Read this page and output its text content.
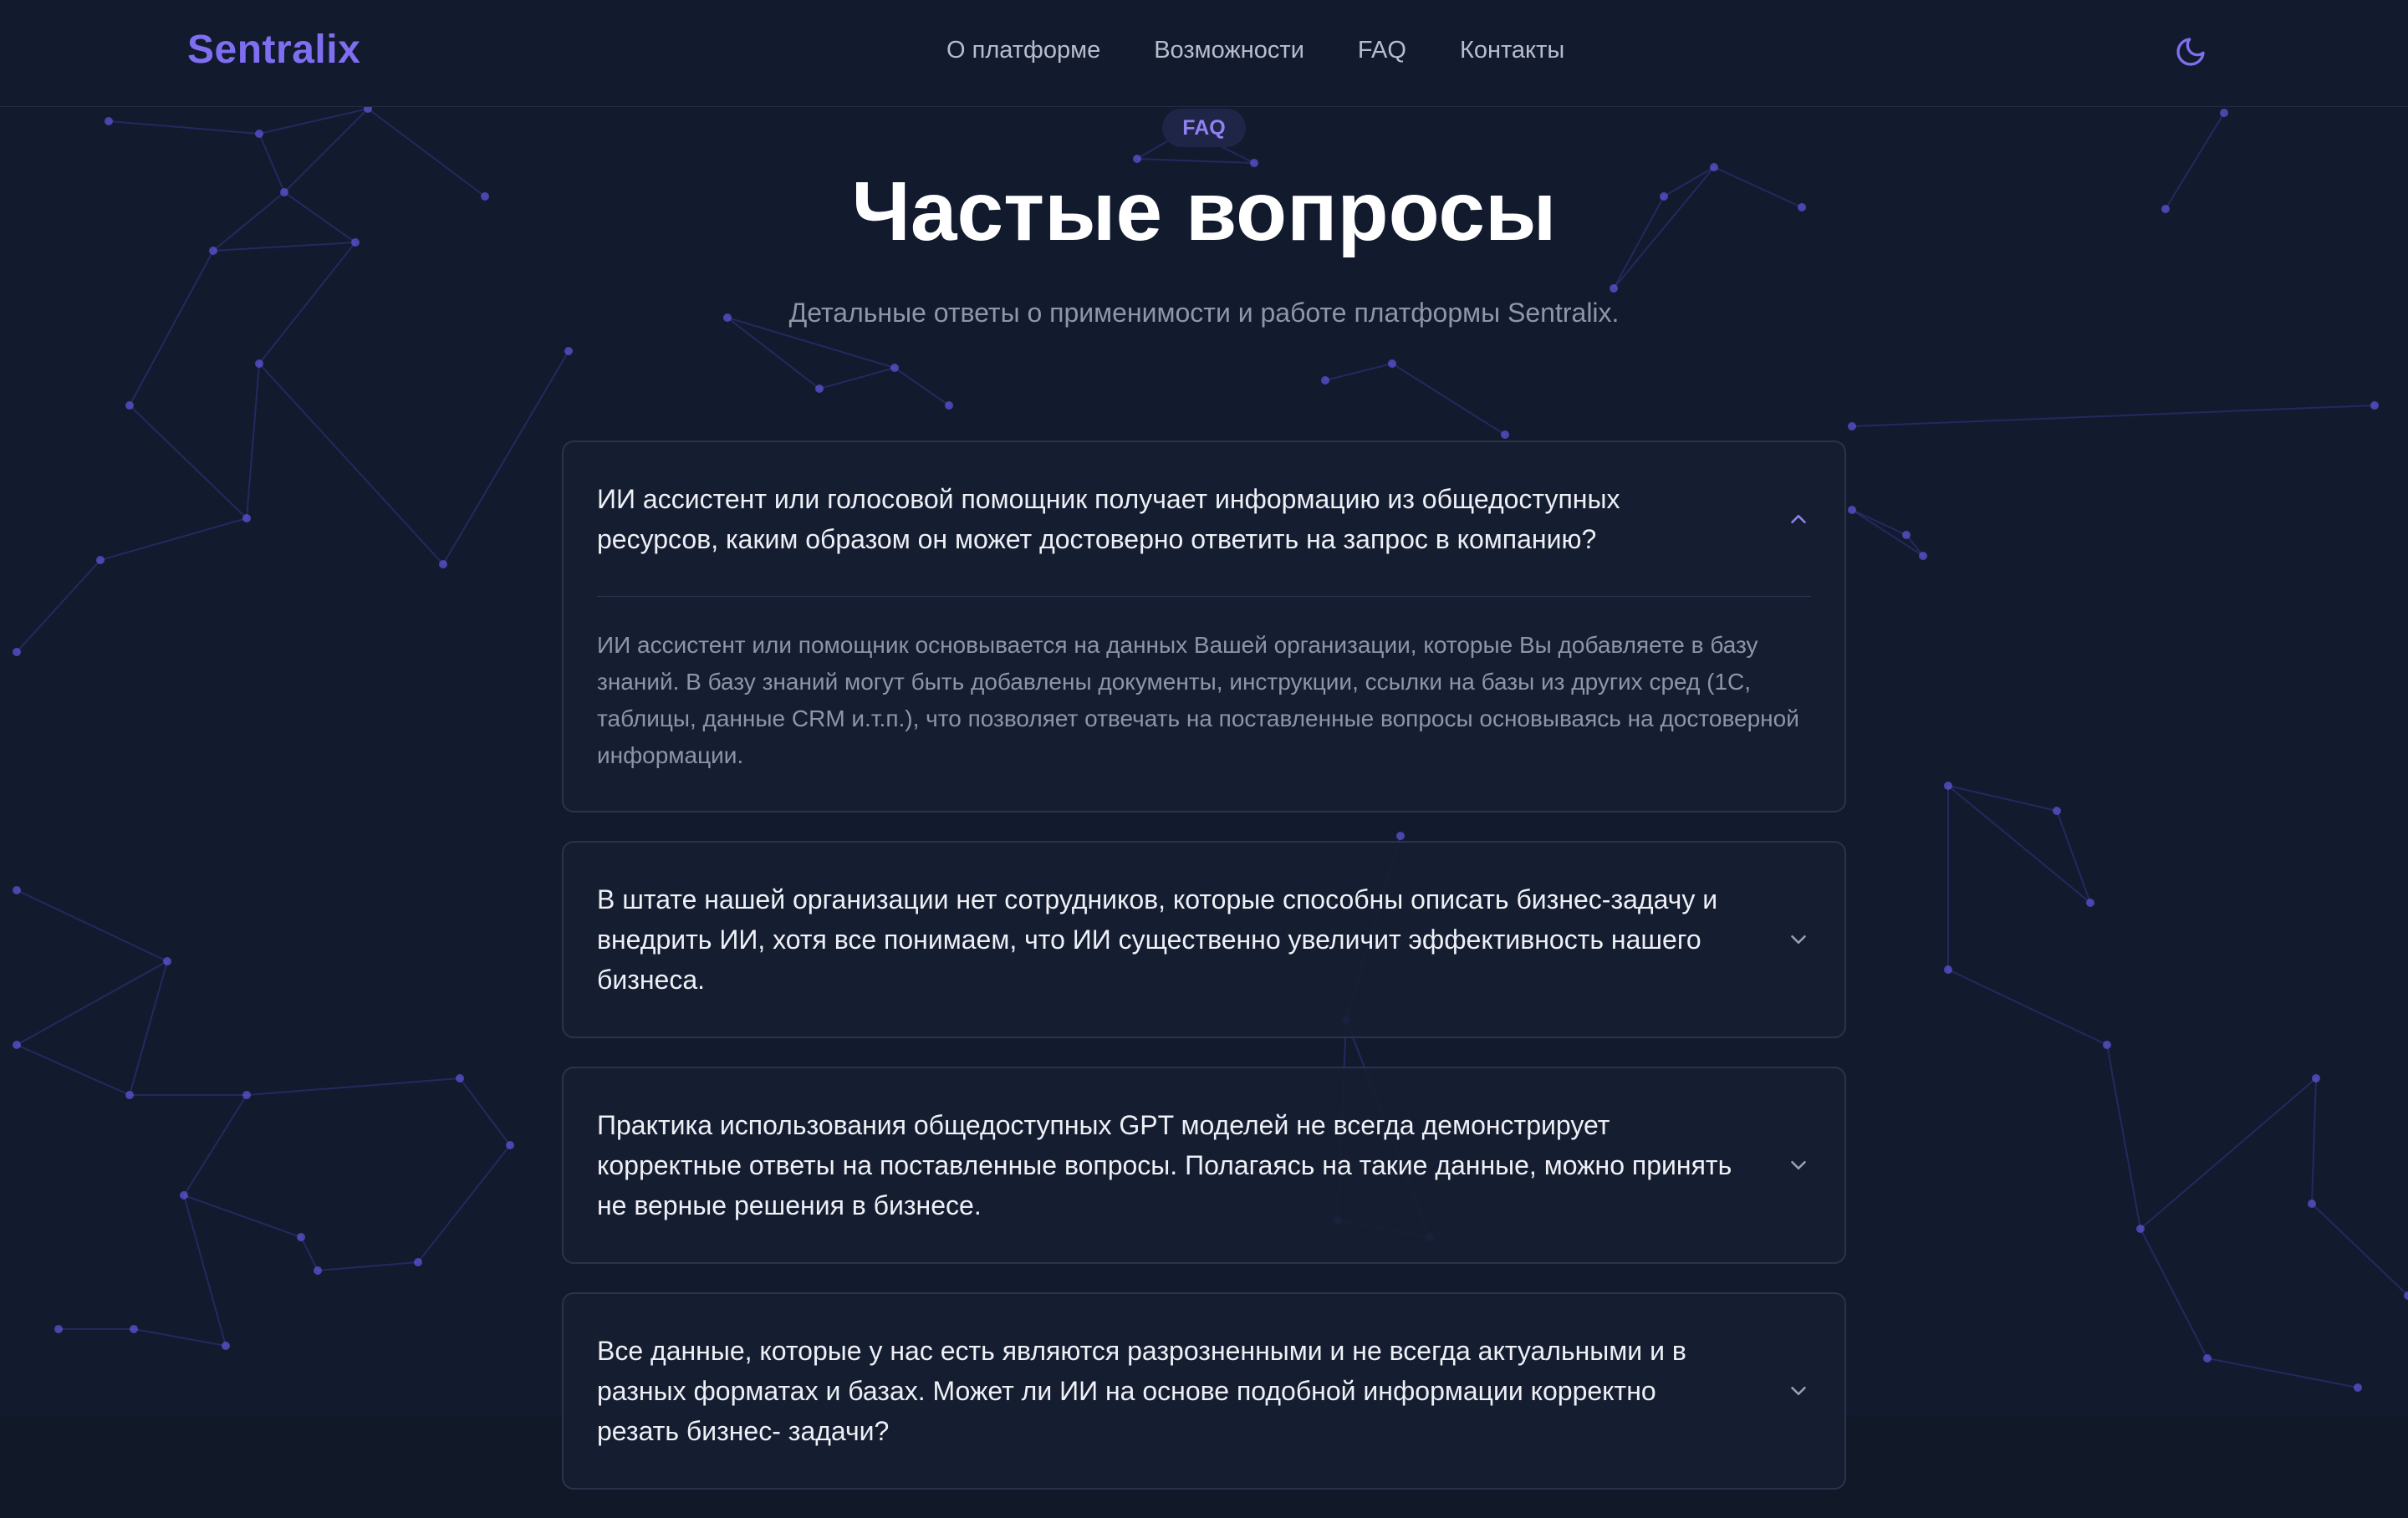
Sentralix	О платформе Возможности FAQ Контакты
FAQ
Частые вопросы

Детальные ответы о применимости и работе платформы Sentralix.

ИИ ассистент или голосовой помощник получает информацию из общедоступных ресурсов, каким образом он может достоверно ответить на запрос в компанию?
ИИ ассистент или помощник основывается на данных Вашей организации, которые Вы добавляете в базу знаний. В базу знаний могут быть добавлены документы, инструкции, ссылки на базы из других сред (1С, таблицы, данные CRM и.т.п.), что позволяет отвечать на поставленные вопросы основываясь на достоверной информации.
В штате нашей организации нет сотрудников, которые способны описать бизнес-задачу и внедрить ИИ, хотя все понимаем, что ИИ существенно увеличит эффективность нашего бизнеса.
Практика использования общедоступных GPT моделей не всегда демонстрирует корректные ответы на поставленные вопросы. Полагаясь на такие данные, можно принять не верные решения в бизнесе.
Все данные, которые у нас есть являются разрозненными и не всегда актуальными и в разных форматах и базах. Может ли ИИ на основе подобной информации корректно резать бизнес- задачи?
